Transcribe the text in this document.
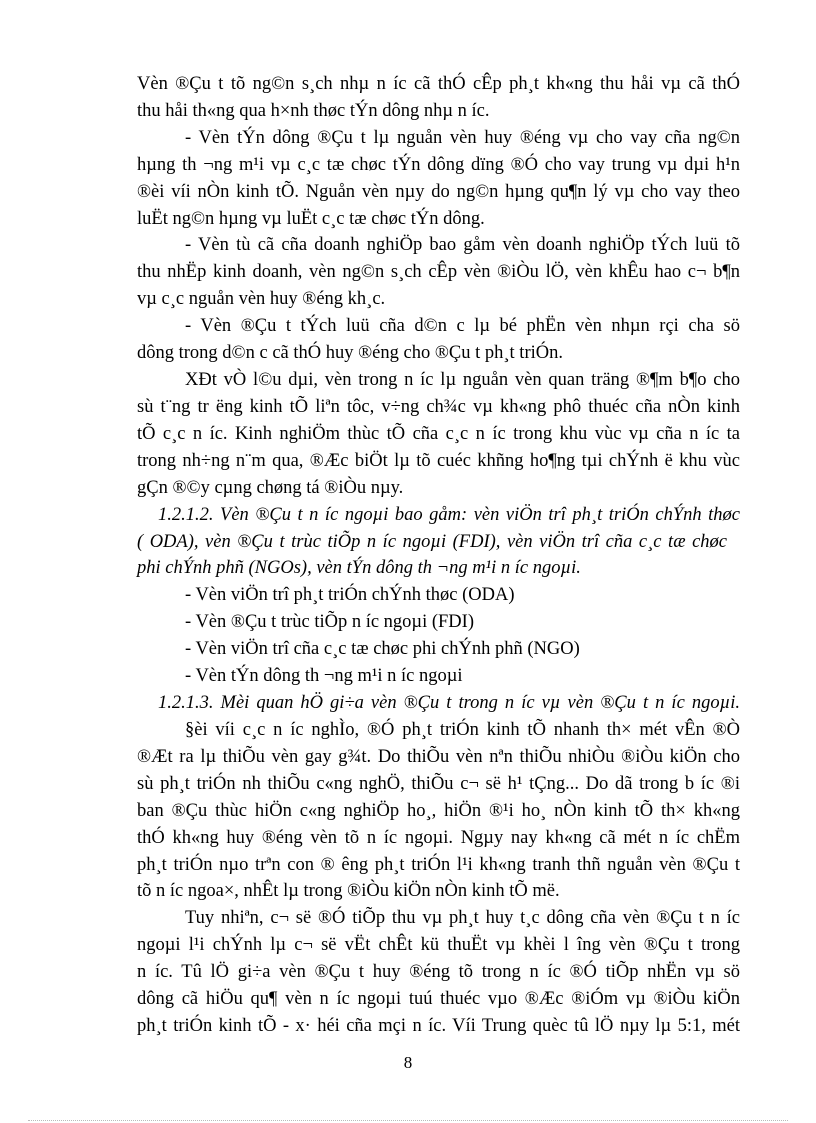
Vèn ®Çu t tõ ng©n s¸ch nhµ n íc cã thÓ cÊp ph¸t kh«ng thu håi vµ cã thÓ
thu håi th«ng qua h×nh thøc tÝn dông nhµ n íc.
- Vèn tÝn dông ®Çu t lµ nguån vèn huy ®éng vµ cho vay cña ng©n
hµng th ¬ng m¹i vµ c¸c tæ chøc tÝn dông dïng ®Ó cho vay trung vµ dµi h¹n
®èi víi nÒn kinh tÕ. Nguån vèn nµy do ng©n hµng qu¶n lý vµ cho vay theo
luËt ng©n hµng vµ luËt c¸c tæ chøc tÝn dông.
- Vèn tù cã cña doanh nghiÖp bao gåm vèn doanh nghiÖp tÝch luü tõ
thu nhËp kinh doanh, vèn ng©n s¸ch cÊp vèn ®iÒu lÖ, vèn khÊu hao c¬ b¶n
vµ c¸c nguån vèn huy ®éng kh¸c.
- Vèn ®Çu t tÝch luü cña d©n c lµ bé phËn vèn nhµn rçi cha sö
dông trong d©n c cã thÓ huy ®éng cho ®Çu t ph¸t triÓn.
XÐt vÒ l©u dµi, vèn trong n íc lµ nguån vèn quan träng ®¶m b¶o cho
sù t¨ng tr ëng kinh tÕ liªn tôc, v÷ng ch¾c vµ kh«ng phô thuéc cña nÒn kinh
tÕ c¸c n íc. Kinh nghiÖm thùc tÕ cña c¸c n íc trong khu vùc vµ cña n íc ta
trong nh÷ng n¨m qua, ®Æc biÖt lµ tõ cuéc khñng ho¶ng tµi chÝnh ë khu vùc
gÇn ®©y cµng chøng tá ®iÒu nµy.
1.2.1.2. Vèn ®Çu t n íc ngoµi bao gåm: vèn viÖn trî ph¸t triÓn chÝnh thøc
( ODA), vèn ®Çu t trùc tiÕp n íc ngoµi (FDI), vèn viÖn trî cña c¸c tæ chøc
phi chÝnh phñ (NGOs), vèn tÝn dông th ¬ng m¹i n íc ngoµi.
- Vèn viÖn trî ph¸t triÓn chÝnh thøc (ODA)
- Vèn ®Çu t trùc tiÕp n íc ngoµi (FDI)
- Vèn viÖn trî cña c¸c tæ chøc phi chÝnh phñ (NGO)
- Vèn tÝn dông th ¬ng m¹i n íc ngoµi
1.2.1.3. Mèi quan hÖ gi÷a vèn ®Çu t trong n íc vµ vèn ®Çu t n íc ngoµi.
§èi víi c¸c n íc nghÌo, ®Ó ph¸t triÓn kinh tÕ nhanh th× mét vÊn ®Ò
®Æt ra lµ thiÕu vèn gay g¾t. Do thiÕu vèn nªn thiÕu nhiÒu ®iÒu kiÖn cho
sù ph¸t triÓn nh thiÕu c«ng nghÖ, thiÕu c¬ së h¹ tÇng... Do dã trong b íc ®i
ban ®Çu thùc hiÖn c«ng nghiÖp ho¸, hiÖn ®¹i ho¸ nÒn kinh tÕ th× kh«ng
thÓ kh«ng huy ®éng vèn tõ n íc ngoµi. Ngµy nay kh«ng cã mét n íc chËm
ph¸t triÓn nµo trªn con ® êng ph¸t triÓn l¹i kh«ng tranh thñ nguån vèn ®Çu t
tõ n íc ngoa×, nhÊt lµ trong ®iÒu kiÖn nÒn kinh tÕ më.
Tuy nhiªn, c¬ së ®Ó tiÕp thu vµ ph¸t huy t¸c dông cña vèn ®Çu t n íc
ngoµi l¹i chÝnh lµ c¬ së vËt chÊt kü thuËt vµ khèi l îng vèn ®Çu t trong
n íc. Tû lÖ gi÷a vèn ®Çu t huy ®éng tõ trong n íc ®Ó tiÕp nhËn vµ sö
dông cã hiÖu qu¶ vèn n íc ngoµi tuú thuéc vµo ®Æc ®iÓm vµ ®iÒu kiÖn
ph¸t triÓn kinh tÕ - x· héi cña mçi n íc. Víi Trung quèc tû lÖ nµy lµ 5:1, mét
8
